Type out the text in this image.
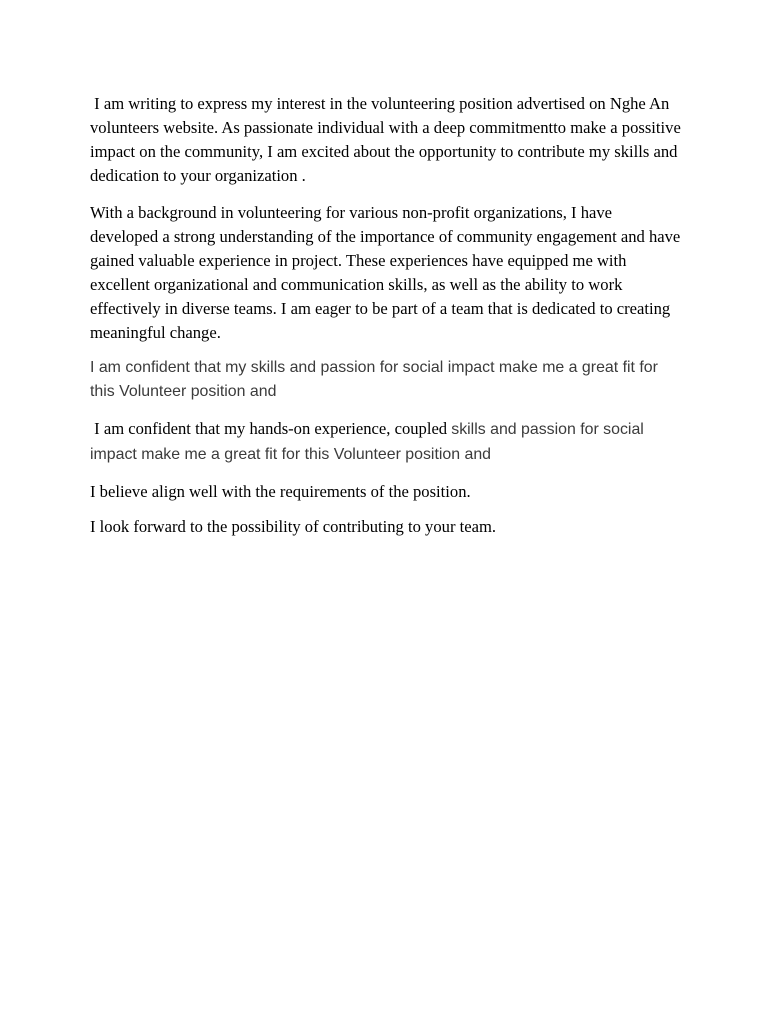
I am writing to express my interest in the volunteering position advertised on Nghe An volunteers website. As passionate individual with a deep commitmentto make a possitive impact on the community, I am excited about the opportunity to contribute my skills and dedication to your organization .

With a background in volunteering for various non-profit organizations, I have developed a strong understanding of the importance of community engagement and have gained valuable experience in project. These experiences have equipped me with excellent organizational and communication skills, as well as the ability to work effectively in diverse teams. I am eager to be part of a team that is dedicated to creating meaningful change.

I am confident that my skills and passion for social impact make me a great fit for this Volunteer position and

I am confident that my hands-on experience, coupled skills and passion for social impact make me a great fit for this Volunteer position and

I believe align well with the requirements of the position.

I look forward to the possibility of contributing to your team.
